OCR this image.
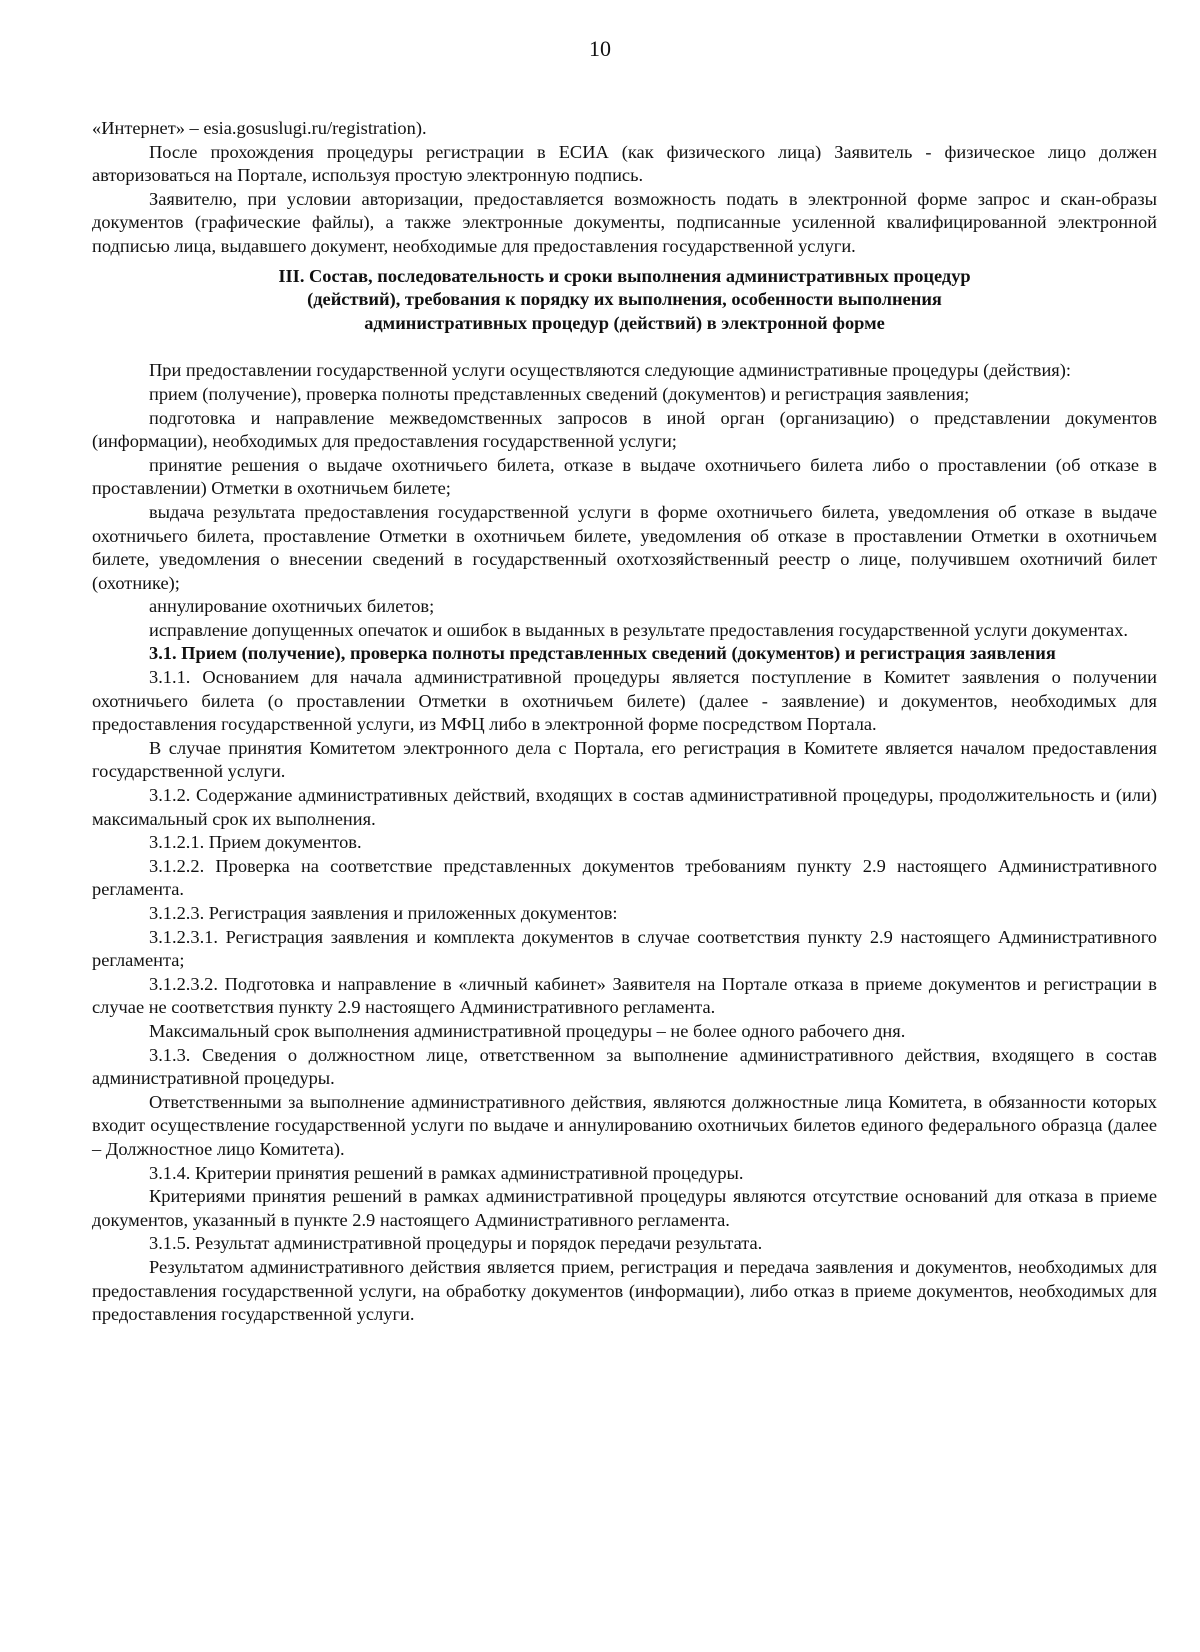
10

«Интернет» – esia.gosuslugi.ru/registration).

После прохождения процедуры регистрации в ЕСИА (как физического лица) Заявитель - физическое лицо должен авторизоваться на Портале, используя простую электронную подпись.

Заявителю, при условии авторизации, предоставляется возможность подать в электронной форме запрос и скан-образы документов (графические файлы), а также электронные документы, подписанные усиленной квалифицированной электронной подписью лица, выдавшего документ, необходимые для предоставления государственной услуги.

III. Состав, последовательность и сроки выполнения административных процедур (действий), требования к порядку их выполнения, особенности выполнения административных процедур (действий) в электронной форме

При предоставлении государственной услуги осуществляются следующие административные процедуры (действия):

прием (получение), проверка полноты представленных сведений (документов) и регистрация заявления;

подготовка и направление межведомственных запросов в иной орган (организацию) о представлении документов (информации), необходимых для предоставления государственной услуги;

принятие решения о выдаче охотничьего билета, отказе в выдаче охотничьего билета либо о проставлении (об отказе в проставлении) Отметки в охотничьем билете;

выдача результата предоставления государственной услуги в форме охотничьего билета, уведомления об отказе в выдаче охотничьего билета, проставление Отметки в охотничьем билете, уведомления об отказе в проставлении Отметки в охотничьем билете, уведомления о внесении сведений в государственный охотхозяйственный реестр о лице, получившем охотничий билет (охотнике);

аннулирование охотничьих билетов;

исправление допущенных опечаток и ошибок в выданных в результате предоставления государственной услуги документах.

3.1. Прием (получение), проверка полноты представленных сведений (документов) и регистрация заявления

3.1.1. Основанием для начала административной процедуры является поступление в Комитет заявления о получении охотничьего билета (о проставлении Отметки в охотничьем билете) (далее - заявление) и документов, необходимых для предоставления государственной услуги, из МФЦ либо в электронной форме посредством Портала.

В случае принятия Комитетом электронного дела с Портала, его регистрация в Комитете является началом предоставления государственной услуги.

3.1.2. Содержание административных действий, входящих в состав административной процедуры, продолжительность и (или) максимальный срок их выполнения.

3.1.2.1. Прием документов.

3.1.2.2. Проверка на соответствие представленных документов требованиям пункту 2.9 настоящего Административного регламента.

3.1.2.3. Регистрация заявления и приложенных документов:

3.1.2.3.1. Регистрация заявления и комплекта документов в случае соответствия пункту 2.9 настоящего Административного регламента;

3.1.2.3.2. Подготовка и направление в «личный кабинет» Заявителя на Портале отказа в приеме документов и регистрации в случае не соответствия пункту 2.9 настоящего Административного регламента.

Максимальный срок выполнения административной процедуры – не более одного рабочего дня.

3.1.3. Сведения о должностном лице, ответственном за выполнение административного действия, входящего в состав административной процедуры.

Ответственными за выполнение административного действия, являются должностные лица Комитета, в обязанности которых входит осуществление государственной услуги по выдаче и аннулированию охотничьих билетов единого федерального образца (далее – Должностное лицо Комитета).

3.1.4. Критерии принятия решений в рамках административной процедуры.

Критериями принятия решений в рамках административной процедуры являются отсутствие оснований для отказа в приеме документов, указанный в пункте 2.9 настоящего Административного регламента.

3.1.5. Результат административной процедуры и порядок передачи результата.

Результатом административного действия является прием, регистрация и передача заявления и документов, необходимых для предоставления государственной услуги, на обработку документов (информации), либо отказ в приеме документов, необходимых для предоставления государственной услуги.
